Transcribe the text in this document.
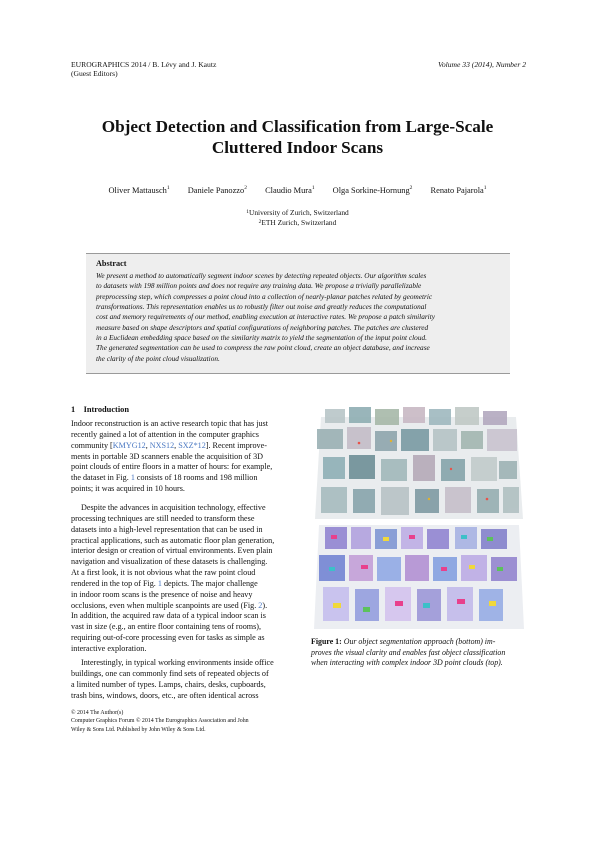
EUROGRAPHICS 2014 / B. Lévy and J. Kautz
(Guest Editors)
Volume 33 (2014), Number 2
Object Detection and Classification from Large-Scale
Cluttered Indoor Scans
Oliver Mattausch$^1$ Daniele Panozzo$^2$ Claudio Mura$^1$ Olga Sorkine-Hornung$^2$ Renato Pajarola$^1$
$^1$University of Zurich, Switzerland
$^2$ETH Zurich, Switzerland
Abstract
We present a method to automatically segment indoor scenes by detecting repeated objects. Our algorithm scales
to datasets with 198 million points and does not require any training data. We propose a trivially parallelizable
preprocessing step, which compresses a point cloud into a collection of nearly-planar patches related by geometric
transformations. This representation enables us to robustly filter out noise and greatly reduces the computational
cost and memory requirements of our method, enabling execution at interactive rates. We propose a patch similarity
measure based on shape descriptors and spatial configurations of neighboring patches. The patches are clustered
in a Euclidean embedding space based on the similarity matrix to yield the segmentation of the input point cloud.
The generated segmentation can be used to compress the raw point cloud, create an object database, and increase
the clarity of the point cloud visualization.
1 Introduction
Indoor reconstruction is an active research topic that has just
recently gained a lot of attention in the computer graphics
community [KMYG12, NXS12, SXZ*12]. Recent improve-
ments in portable 3D scanners enable the acquisition of 3D
point clouds of entire floors in a matter of hours: for example,
the dataset in Fig. 1 consists of 18 rooms and 198 million
points; it was acquired in 10 hours.
Despite the advances in acquisition technology, effective
processing techniques are still needed to transform these
datasets into a high-level representation that can be used in
practical applications, such as automatic floor plan generation,
interior design or creation of virtual environments. Even plain
navigation and visualization of these datasets is challenging.
At a first look, it is not obvious what the raw point cloud
rendered in the top of Fig. 1 depicts. The major challenge
in indoor room scans is the presence of noise and heavy
occlusions, even when multiple scanpoints are used (Fig. 2).
In addition, the acquired raw data of a typical indoor scan is
vast in size (e.g., an entire floor containing tens of rooms),
requiring out-of-core processing even for tasks as simple as
interactive exploration.
Interestingly, in typical working environments inside office
buildings, one can commonly find sets of repeated objects of
a limited number of types. Lamps, chairs, desks, cupboards,
trash bins, windows, doors, etc., are often identical across
Figure 1: Our object segmentation approach (bottom) im-
proves the visual clarity and enables fast object classification
when interacting with complex indoor 3D point clouds (top).

© 2014 The Author(s)

Computer Graphics Forum © 2014 The Eurographics Association and John

Wiley & Sons Ltd. Published by John Wiley & Sons Ltd.
